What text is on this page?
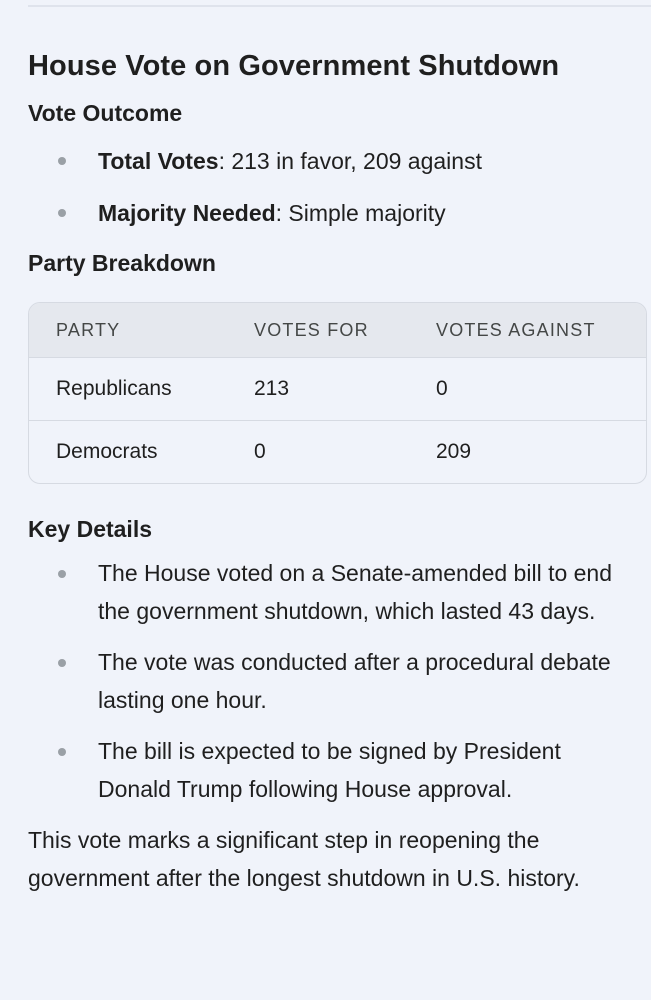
House Vote on Government Shutdown
Vote Outcome
Total Votes: 213 in favor, 209 against
Majority Needed: Simple majority
Party Breakdown
PARTY	VOTES FOR	VOTES AGAINST
Republicans	213	0
Democrats	0	209
Key Details
The House voted on a Senate-amended bill to end the government shutdown, which lasted 43 days.
The vote was conducted after a procedural debate lasting one hour.
The bill is expected to be signed by President Donald Trump following House approval.

This vote marks a significant step in reopening the government after the longest shutdown in U.S. history.
